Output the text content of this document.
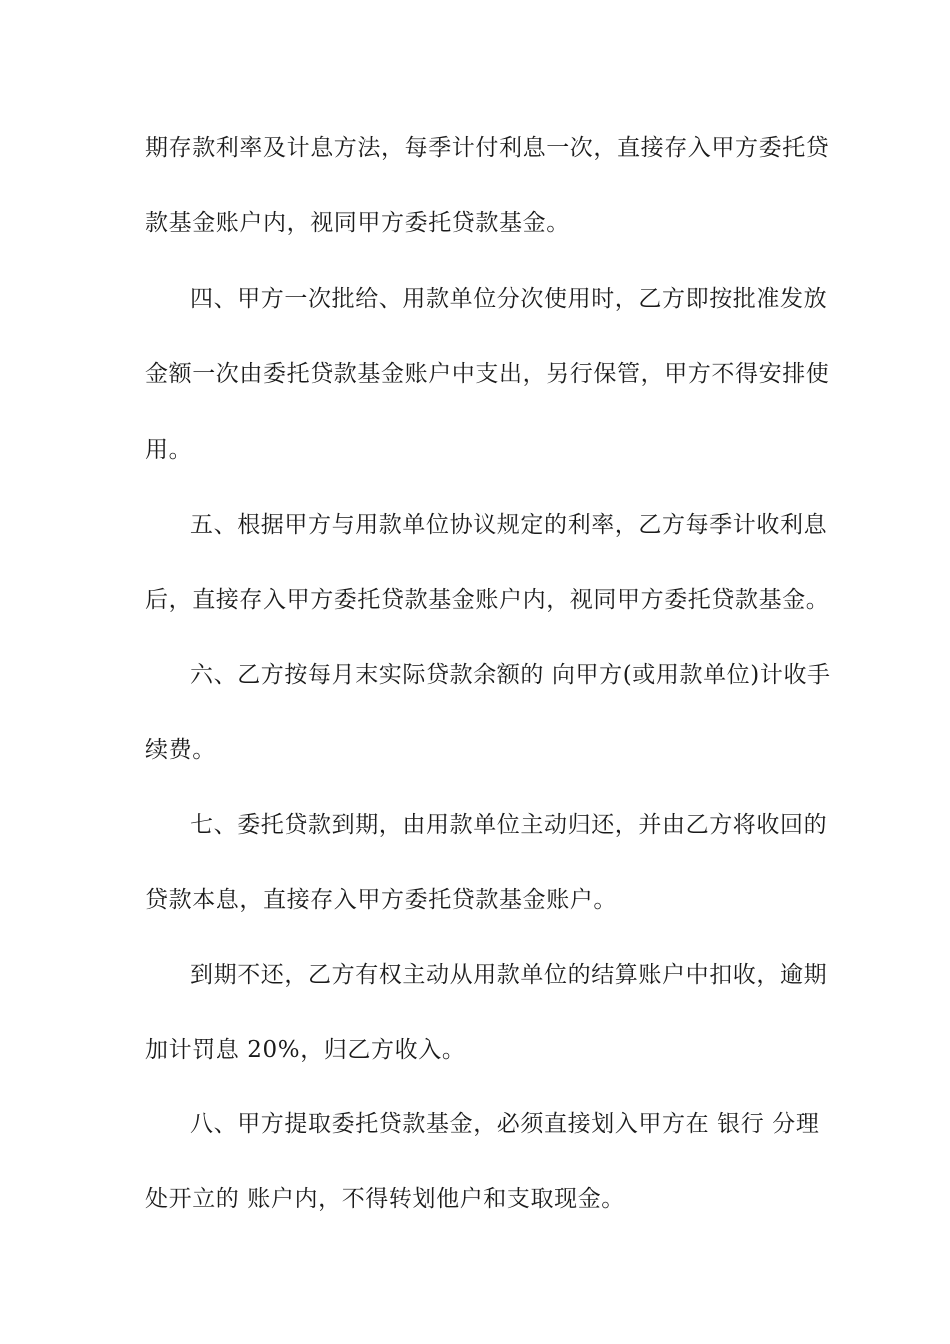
期存款利率及计息方法，每季计付利息一次，直接存入甲方委托贷
款基金账户内，视同甲方委托贷款基金。
四、甲方一次批给、用款单位分次使用时，乙方即按批准发放
金额一次由委托贷款基金账户中支出，另行保管，甲方不得安排使
用。
五、根据甲方与用款单位协议规定的利率，乙方每季计收利息
后，直接存入甲方委托贷款基金账户内，视同甲方委托贷款基金。
六、乙方按每月末实际贷款余额的 向甲方(或用款单位)计收手
续费。
七、委托贷款到期，由用款单位主动归还，并由乙方将收回的
贷款本息，直接存入甲方委托贷款基金账户。
到期不还，乙方有权主动从用款单位的结算账户中扣收，逾期
加计罚息 20%，归乙方收入。
八、甲方提取委托贷款基金，必须直接划入甲方在 银行 分理
处开立的 账户内，不得转划他户和支取现金。
